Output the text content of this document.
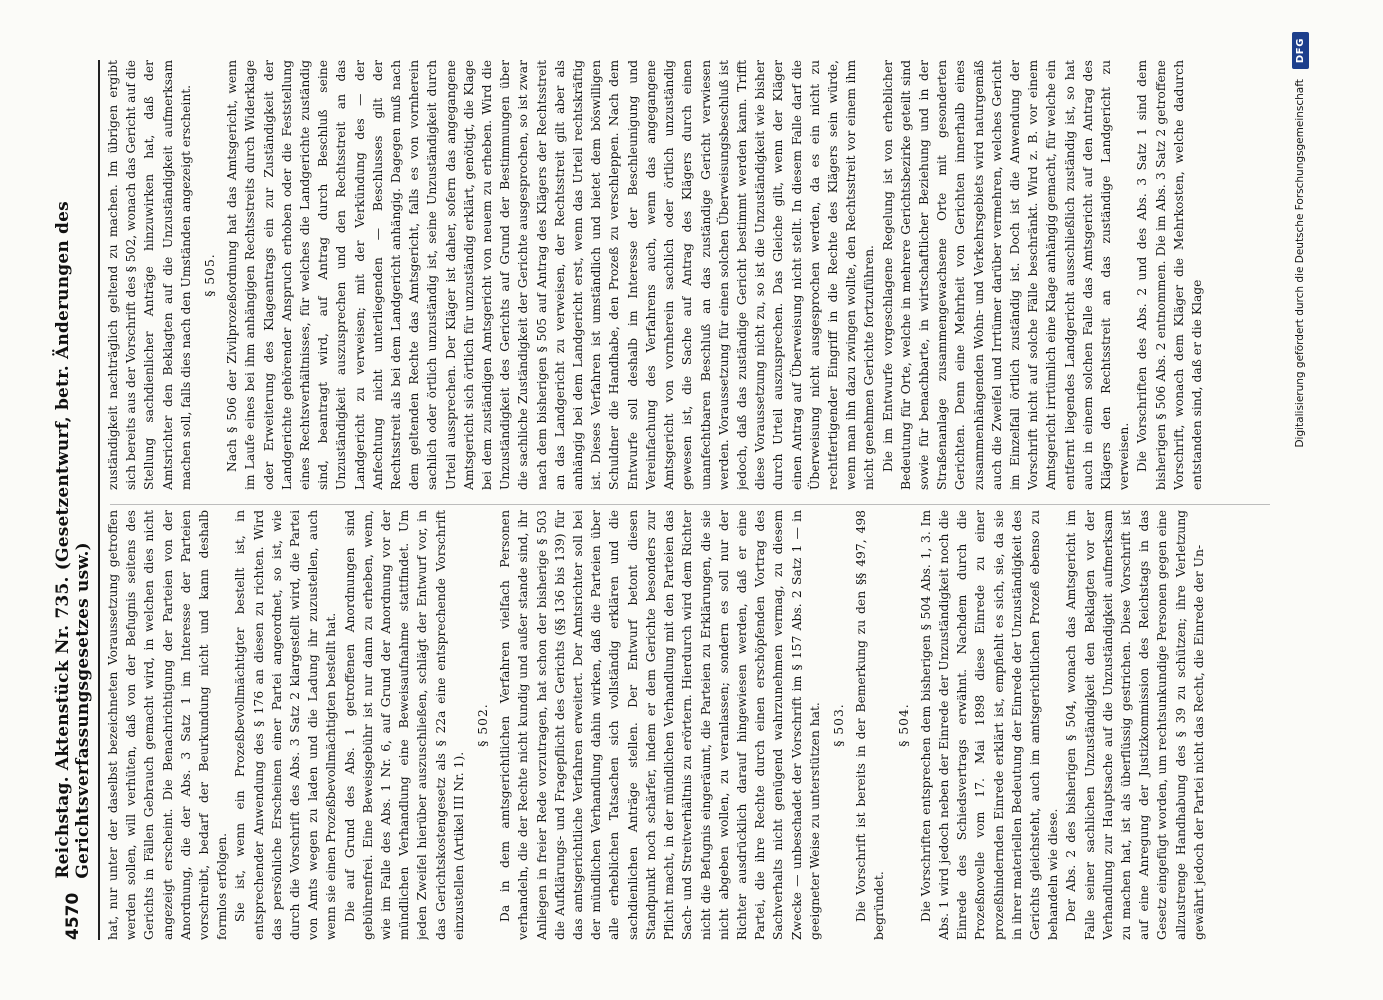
4570
Reichstag. Aktenstück Nr. 735. (Gesetzentwurf, betr. Änderungen des Gerichtsverfassungsgesetzes usw.) hat, nur unter der daselbst bezeichneten Voraussetzung getroffen werden sollen, will verhüten, daß von der Befugnis seitens des Gerichts in Fällen Gebrauch gemacht wird, in welchen dies nicht angezeigt erscheint. Die Benachrichtigung der Parteien von der Anordnung, die der Abs. 3 Satz 1 im Interesse der Parteien vorschreibt, bedarf der Beurkundung nicht und kann deshalb formlos erfolgen. Sie ist, wenn ein Prozeßbevollmächtigter bestellt ist, in entsprechender Anwendung des § 176 an diesen zu richten. Wird das persönliche Erscheinen einer Partei angeordnet, so ist, wie durch die Vorschrift des Abs. 3 Satz 2 klargestellt wird, die Partei von Amts wegen zu laden und die Ladung ihr zuzustellen, auch wenn sie einen Prozeßbevollmächtigten bestellt hat. Die auf Grund des Abs. 1 getroffenen Anordnungen sind gebührenfrei. Eine Beweisgebühr ist nur dann zu erheben, wenn, wie im Falle des Abs. 1 Nr. 6, auf Grund der Anordnung vor der mündlichen Verhandlung eine Beweisaufnahme stattfindet. Um jeden Zweifel hierüber auszuschließen, schlägt der Entwurf vor, in das Gerichtskostengesetz als § 22a eine entsprechende Vorschrift einzustellen (Artikel III Nr. 1).

§ 502. Da in dem amtsgerichtlichen Verfahren vielfach Personen verhandeln, die der Rechte nicht kundig und außer stande sind, ihr Anliegen in freier Rede vorzutragen, hat schon der bisherige § 503 die Aufklärungs- und Fragepflicht des Gerichts (§§ 136 bis 139) für das amtsgerichtliche Verfahren erweitert. Der Amtsrichter soll bei der mündlichen Verhandlung dahin wirken, daß die Parteien über alle erheblichen Tatsachen sich vollständig erklären und die sachdienlichen Anträge stellen. Der Entwurf betont diesen Standpunkt noch schärfer, indem er dem Gerichte besonders zur Pflicht macht, in der mündlichen Verhandlung mit den Parteien das Sach- und Streitverhältnis zu erörtern. Hierdurch wird dem Richter nicht die Befugnis eingeräumt, die Parteien zu Erklärungen, die sie nicht abgeben wollen, zu veranlassen; sondern es soll nur der Richter ausdrücklich darauf hingewiesen werden, daß er eine Partei, die ihre Rechte durch einen erschöpfenden Vortrag des Sachverhalts nicht genügend wahrzunehmen vermag, zu diesem Zwecke — unbeschadet der Vorschrift im § 157 Abs. 2 Satz 1 — in geeigneter Weise zu unterstützen hat. § 503. Die Vorschrift ist bereits in der Bemerkung zu den §§ 497, 498 begründet.

§ 504. Die Vorschriften entsprechen dem bisherigen § 504 Abs. 1, 3. Im Abs. 1 wird jedoch neben der Einrede der Unzuständigkeit noch die Einrede des Schiedsvertrags erwähnt. Nachdem durch die Prozeßnovelle vom 17. Mai 1898 diese Einrede zu einer prozeßhindernden Einrede erklärt ist, empfiehlt es sich, sie, da sie in ihrer materiellen Bedeutung der Einrede der Unzuständigkeit des Gerichts gleichsteht, auch im amtsgerichtlichen Prozeß ebenso zu behandeln wie diese. Der Abs. 2 des bisherigen § 504, wonach das Amtsgericht im Falle seiner sachlichen Unzuständigkeit den Beklagten vor der Verhandlung zur Hauptsache auf die Unzuständigkeit aufmerksam zu machen hat, ist als überflüssig gestrichen. Diese Vorschrift ist auf eine Anregung der Justizkommission des Reichstags in das Gesetz eingefügt worden, um rechtsunkundige Personen gegen eine allzustrenge Handhabung des § 39 zu schützen; ihre Verletzung gewährt jedoch der Partei nicht das Recht, die Einrede der Un-

zuständigkeit nachträglich geltend zu machen. Im übrigen ergibt sich bereits aus der Vorschrift des § 502, wonach das Gericht auf die Stellung sachdienlicher Anträge hinzuwirken hat, daß der Amtsrichter den Beklagten auf die Unzuständigkeit aufmerksam machen soll, falls dies nach den Umständen angezeigt erscheint. § 505. Nach § 506 der Zivilprozeßordnung hat das Amtsgericht, wenn im Laufe eines bei ihm anhängigen Rechtsstreits durch Widerklage oder Erweiterung des Klageantrags ein zur Zuständigkeit der Landgerichte gehörender Anspruch erhoben oder die Feststellung eines Rechtsverhältnisses, für welches die Landgerichte zuständig sind, beantragt wird, auf Antrag durch Beschluß seine Unzuständigkeit auszusprechen und den Rechtsstreit an das Landgericht zu verweisen; mit der Verkündung des — der Anfechtung nicht unterliegenden — Beschlusses gilt der Rechtsstreit als bei dem Landgericht anhängig. Dagegen muß nach dem geltenden Rechte das Amtsgericht, falls es von vornherein sachlich oder örtlich unzuständig ist, seine Unzuständigkeit durch Urteil aussprechen. Der Kläger ist daher, sofern das angegangene Amtsgericht sich örtlich für unzuständig erklärt, genötigt, die Klage bei dem zuständigen Amtsgericht von neuem zu erheben. Wird die Unzuständigkeit des Gerichts auf Grund der Bestimmungen über die sachliche Zuständigkeit der Gerichte ausgesprochen, so ist zwar nach dem bisherigen § 505 auf Antrag des Klägers der Rechtsstreit an das Landgericht zu verweisen, der Rechtsstreit gilt aber als anhängig bei dem Landgericht erst, wenn das Urteil rechtskräftig ist. Dieses Verfahren ist umständlich und bietet dem böswilligen Schuldner die Handhabe, den Prozeß zu verschleppen. Nach dem Entwurfe soll deshalb im Interesse der Beschleunigung und Vereinfachung des Verfahrens auch, wenn das angegangene Amtsgericht von vornherein sachlich oder örtlich unzuständig gewesen ist, die Sache auf Antrag des Klägers durch einen unanfechtbaren Beschluß an das zuständige Gericht verwiesen werden. Voraussetzung für einen solchen Überweisungsbeschluß ist jedoch, daß das zuständige Gericht bestimmt werden kann. Trifft diese Voraussetzung nicht zu, so ist die Unzuständigkeit wie bisher durch Urteil auszusprechen. Das Gleiche gilt, wenn der Kläger einen Antrag auf Überweisung nicht stellt. In diesem Falle darf die Überweisung nicht ausgesprochen werden, da es ein nicht zu rechtfertigender Eingriff in die Rechte des Klägers sein würde, wenn man ihn dazu zwingen wollte, den Rechtsstreit vor einem ihm nicht genehmen Gerichte fortzuführen. Die im Entwurfe vorgeschlagene Regelung ist von erheblicher Bedeutung für Orte, welche in mehrere Gerichtsbezirke geteilt sind sowie für benachbarte, in wirtschaftlicher Beziehung und in der Straßenanlage zusammengewachsene Orte mit gesonderten Gerichten. Denn eine Mehrheit von Gerichten innerhalb eines zusammenhängenden Wohn- und Verkehrsgebiets wird naturgemäß auch die Zweifel und Irrtümer darüber vermehren, welches Gericht im Einzelfall örtlich zuständig ist. Doch ist die Anwendung der Vorschrift nicht auf solche Fälle beschränkt. Wird z. B. vor einem Amtsgericht irrtümlich eine Klage anhängig gemacht, für welche ein entfernt liegendes Landgericht ausschließlich zuständig ist, so hat auch in einem solchen Falle das Amtsgericht auf den Antrag des Klägers den Rechtsstreit an das zuständige Landgericht zu verweisen. Die Vorschriften des Abs. 2 und des Abs. 3 Satz 1 sind dem bisherigen § 506 Abs. 2 entnommen. Die im Abs. 3 Satz 2 getroffene Vorschrift, wonach dem Kläger die Mehrkosten, welche dadurch entstanden sind, daß er die Klage	Digitalisierung gefördert durch die Deutsche Forschungsgemeinschaft
DFG
